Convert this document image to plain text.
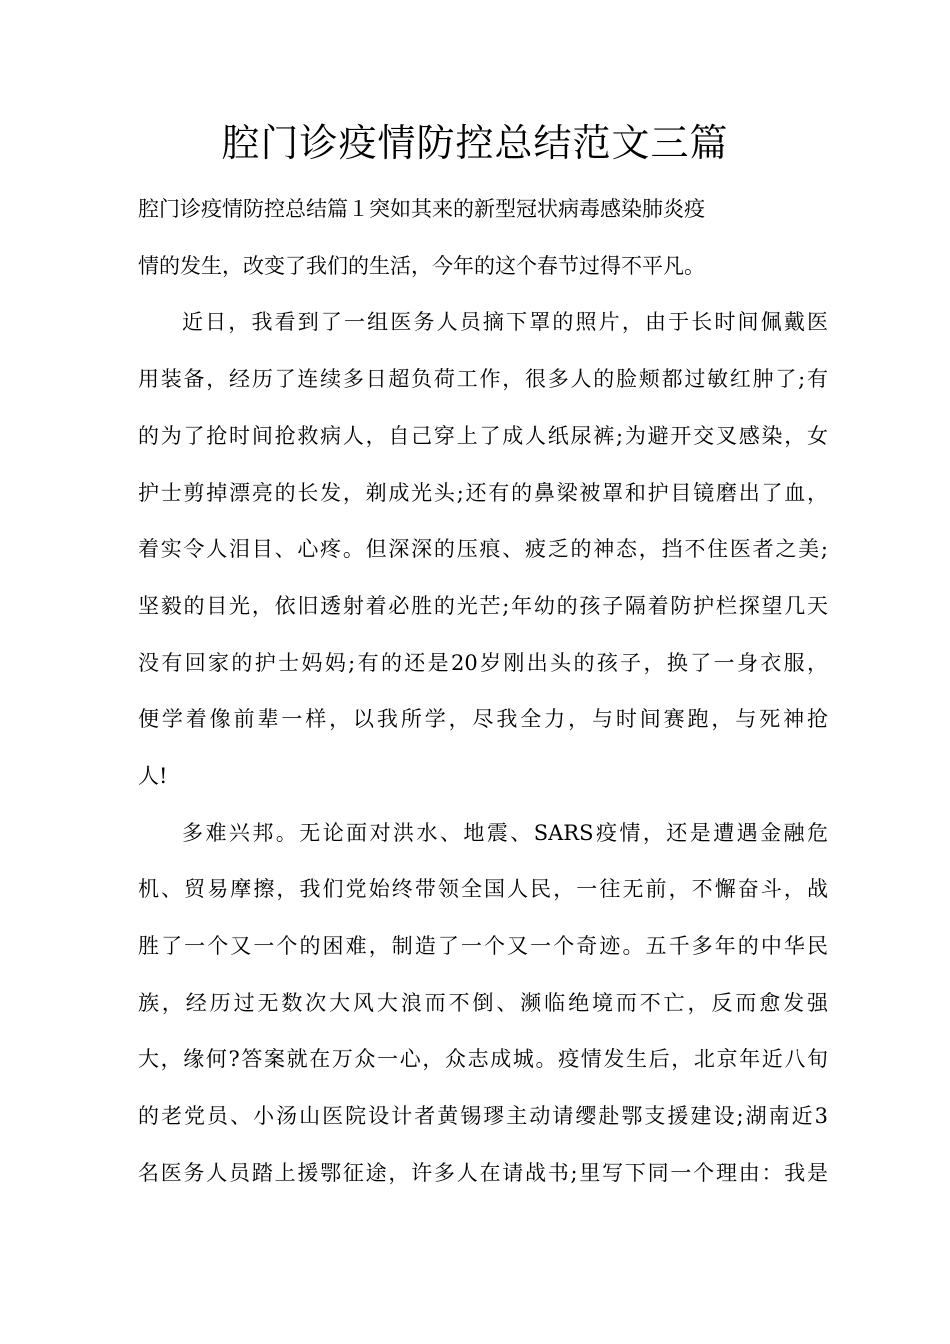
腔门诊疫情防控总结范文三篇

腔门诊疫情防控总结篇１突如其来的新型冠状病毒感染肺炎疫

情的发生，改变了我们的生活，今年的这个春节过得不平凡。

近日，我看到了一组医务人员摘下罩的照片，由于长时间佩戴医

用装备，经历了连续多日超负荷工作，很多人的脸颊都过敏红肿了;有

的为了抢时间抢救病人，自己穿上了成人纸尿裤;为避开交叉感染，女

护士剪掉漂亮的长发，剃成光头;还有的鼻梁被罩和护目镜磨出了血，

着实令人泪目、心疼。但深深的压痕、疲乏的神态，挡不住医者之美;

坚毅的目光，依旧透射着必胜的光芒;年幼的孩子隔着防护栏探望几天

没有回家的护士妈妈;有的还是20岁刚出头的孩子，换了一身衣服，

便学着像前辈一样，以我所学，尽我全力，与时间赛跑，与死神抢

人!

多难兴邦。无论面对洪水、地震、SARS疫情，还是遭遇金融危

机、贸易摩擦，我们党始终带领全国人民，一往无前，不懈奋斗，战

胜了一个又一个的困难，制造了一个又一个奇迹。五千多年的中华民

族，经历过无数次大风大浪而不倒、濒临绝境而不亡，反而愈发强

大，缘何?答案就在万众一心，众志成城。疫情发生后，北京年近八旬

的老党员、小汤山医院设计者黄锡璆主动请缨赴鄂支援建设;湖南近3

名医务人员踏上援鄂征途，许多人在请战书;里写下同一个理由：我是
